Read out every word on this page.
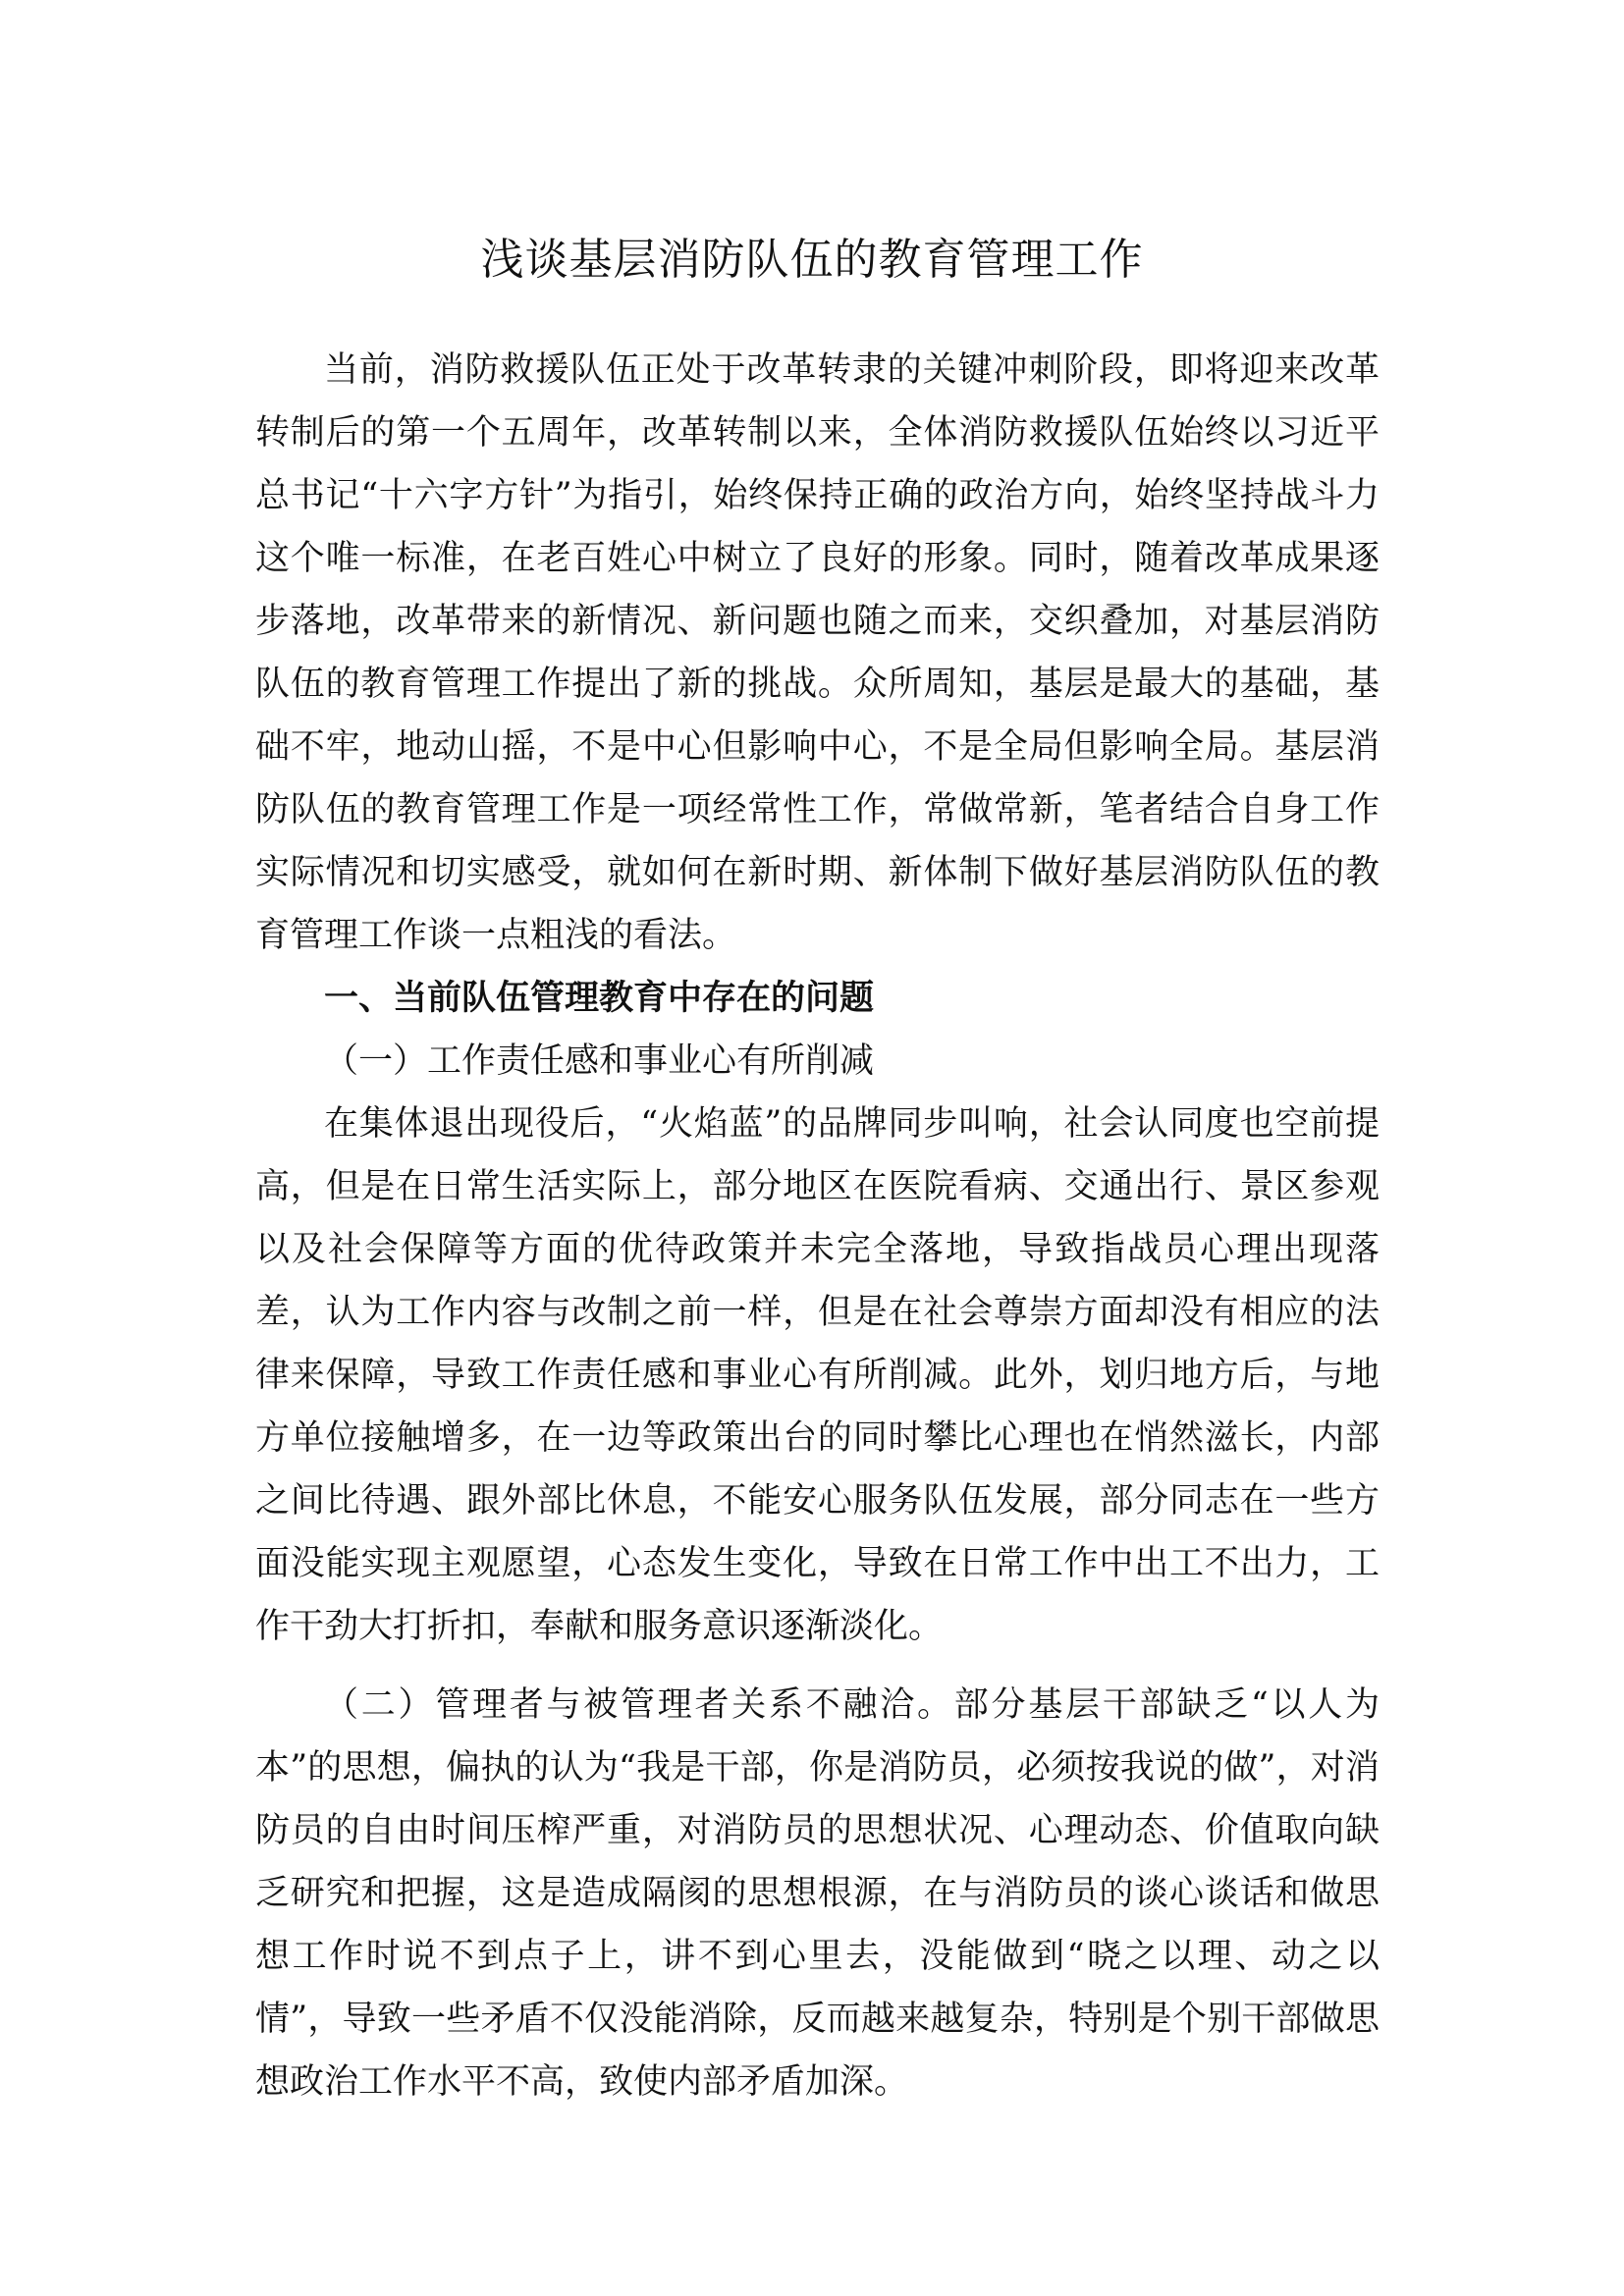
浅谈基层消防队伍的教育管理工作

当前，消防救援队伍正处于改革转隶的关键冲刺阶段，即将迎来改革转制后的第一个五周年，改革转制以来，全体消防救援队伍始终以习近平总书记“十六字方针”为指引，始终保持正确的政治方向，始终坚持战斗力这个唯一标准，在老百姓心中树立了良好的形象。同时，随着改革成果逐步落地，改革带来的新情况、新问题也随之而来，交织叠加，对基层消防队伍的教育管理工作提出了新的挑战。众所周知，基层是最大的基础，基础不牢，地动山摇，不是中心但影响中心，不是全局但影响全局。基层消防队伍的教育管理工作是一项经常性工作，常做常新，笔者结合自身工作实际情况和切实感受，就如何在新时期、新体制下做好基层消防队伍的教育管理工作谈一点粗浅的看法。

一、当前队伍管理教育中存在的问题

（一）工作责任感和事业心有所削减

在集体退出现役后，“火焰蓝”的品牌同步叫响，社会认同度也空前提高，但是在日常生活实际上，部分地区在医院看病、交通出行、景区参观以及社会保障等方面的优待政策并未完全落地，导致指战员心理出现落差，认为工作内容与改制之前一样，但是在社会尊崇方面却没有相应的法律来保障，导致工作责任感和事业心有所削减。此外，划归地方后，与地方单位接触增多，在一边等政策出台的同时攀比心理也在悄然滋长，内部之间比待遇、跟外部比休息，不能安心服务队伍发展，部分同志在一些方面没能实现主观愿望，心态发生变化，导致在日常工作中出工不出力，工作干劲大打折扣，奉献和服务意识逐渐淡化。

（二）管理者与被管理者关系不融洽。部分基层干部缺乏“以人为本”的思想，偏执的认为“我是干部，你是消防员，必须按我说的做”，对消防员的自由时间压榨严重，对消防员的思想状况、心理动态、价值取向缺乏研究和把握，这是造成隔阂的思想根源，在与消防员的谈心谈话和做思想工作时说不到点子上，讲不到心里去，没能做到“晓之以理、动之以情”，导致一些矛盾不仅没能消除，反而越来越复杂，特别是个别干部做思想政治工作水平不高，致使内部矛盾加深。
